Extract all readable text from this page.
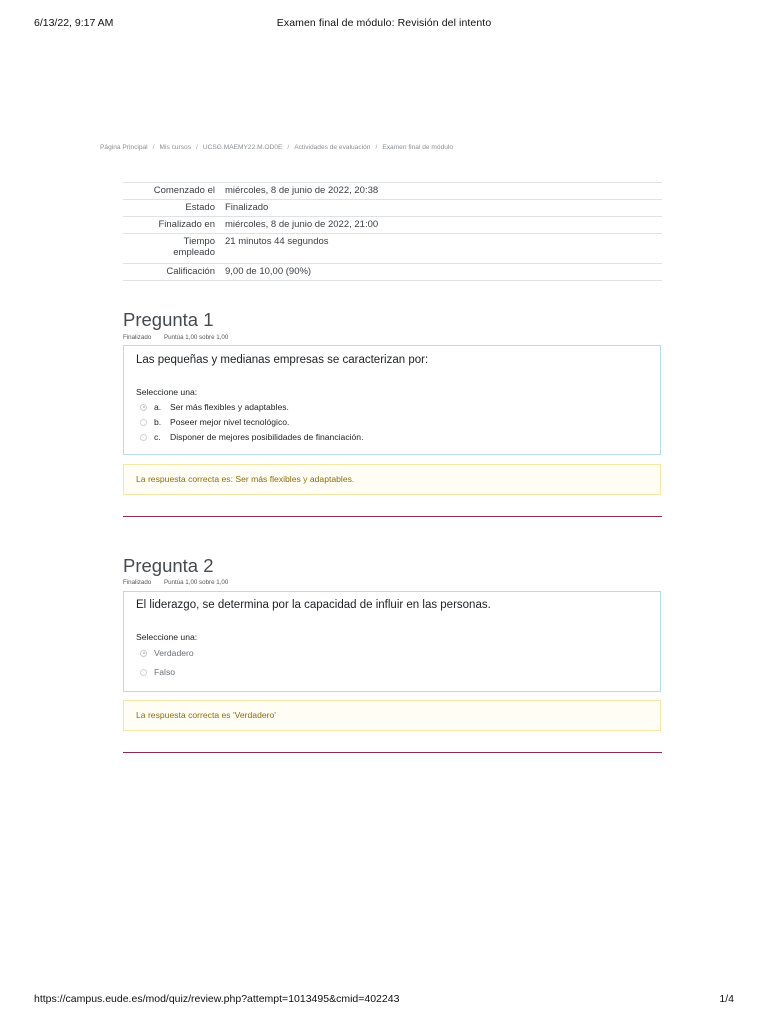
6/13/22, 9:17 AM	Examen final de módulo: Revisión del intento
Página Principal / Mis cursos / UCSG.MAEMY22.M.OD0E / Actividades de evaluación / Examen final de módulo
Comenzado el	miércoles, 8 de junio de 2022, 20:38
Estado	Finalizado
Finalizado en	miércoles, 8 de junio de 2022, 21:00
Tiempo
empleado	21 minutos 44 segundos
Calificación	9,00 de 10,00 (90%)
Pregunta 1
Finalizado Puntúa 1,00 sobre 1,00
Las pequeñas y medianas empresas se caracterizan por:
Seleccione una:
a.	Ser más flexibles y adaptables.
b.	Poseer mejor nivel tecnológico.
c.	Disponer de mejores posibilidades de financiación.
La respuesta correcta es: Ser más flexibles y adaptables.
Pregunta 2
Finalizado Puntúa 1,00 sobre 1,00
El liderazgo, se determina por la capacidad de influir en las personas.
Seleccione una:
Verdadero
Falso
La respuesta correcta es 'Verdadero'
https://campus.eude.es/mod/quiz/review.php?attempt=1013495&cmid=402243	1/4
